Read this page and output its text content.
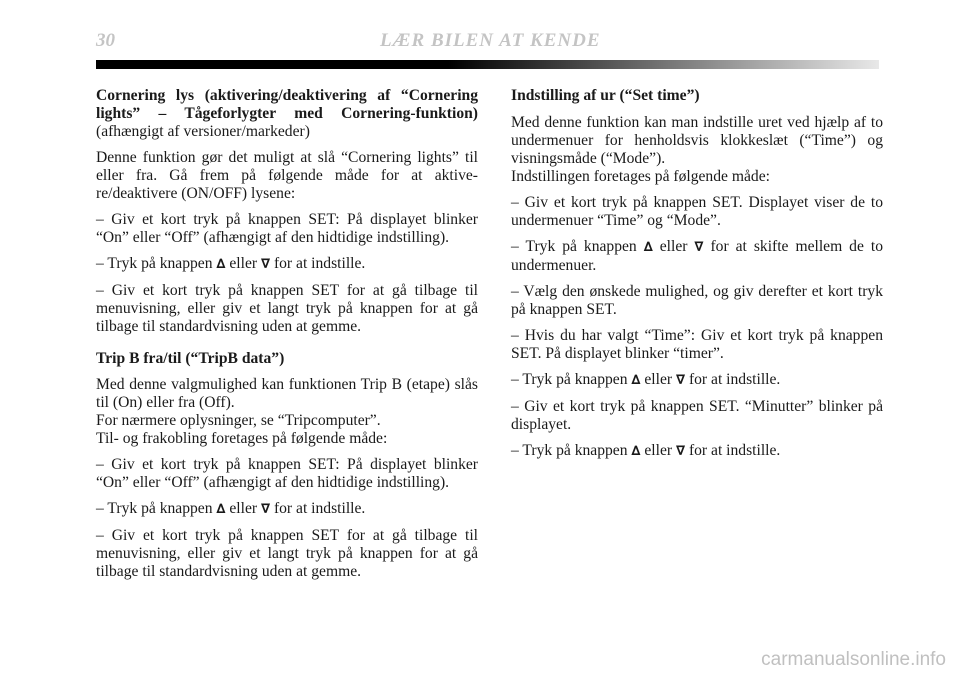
30	LÆR BILEN AT KENDE

Cornering lys (aktivering/deaktivering af “Cornering lights” – Tågeforlygter med Cornering-funktion) (afhængigt af versioner/markeder)

Denne funktion gør det muligt at slå “Cornering lights” til eller fra. Gå frem på følgende måde for at aktive-re/deaktivere (ON/OFF) lysene:

– Giv et kort tryk på knappen SET: På displayet blinker “On” eller “Off” (afhængigt af den hidtidige indstilling).

– Tryk på knappen ∆ eller ∇ for at indstille.

– Giv et kort tryk på knappen SET for at gå tilbage til menuvisning, eller giv et langt tryk på knappen for at gå tilbage til standardvisning uden at gemme.

Trip B fra/til (“TripB data”)

Med denne valgmulighed kan funktionen Trip B (etape) slås til (On) eller fra (Off).
For nærmere oplysninger, se “Tripcomputer”.
Til- og frakobling foretages på følgende måde:

– Giv et kort tryk på knappen SET: På displayet blinker “On” eller “Off” (afhængigt af den hidtidige indstilling).

– Tryk på knappen ∆ eller ∇ for at indstille.

– Giv et kort tryk på knappen SET for at gå tilbage til menuvisning, eller giv et langt tryk på knappen for at gå tilbage til standardvisning uden at gemme.

Indstilling af ur (“Set time”)

Med denne funktion kan man indstille uret ved hjælp af to undermenuer for henholdsvis klokkeslæt (“Time”) og visningsmåde (“Mode”).
Indstillingen foretages på følgende måde:

– Giv et kort tryk på knappen SET. Displayet viser de to undermenuer “Time” og “Mode”.

– Tryk på knappen ∆ eller ∇ for at skifte mellem de to undermenuer.

– Vælg den ønskede mulighed, og giv derefter et kort tryk på knappen SET.

– Hvis du har valgt “Time”: Giv et kort tryk på knappen SET. På displayet blinker “timer”.

– Tryk på knappen ∆ eller ∇ for at indstille.

– Giv et kort tryk på knappen SET. “Minutter” blinker på displayet.

– Tryk på knappen ∆ eller ∇ for at indstille.

carmanualsonline.info
